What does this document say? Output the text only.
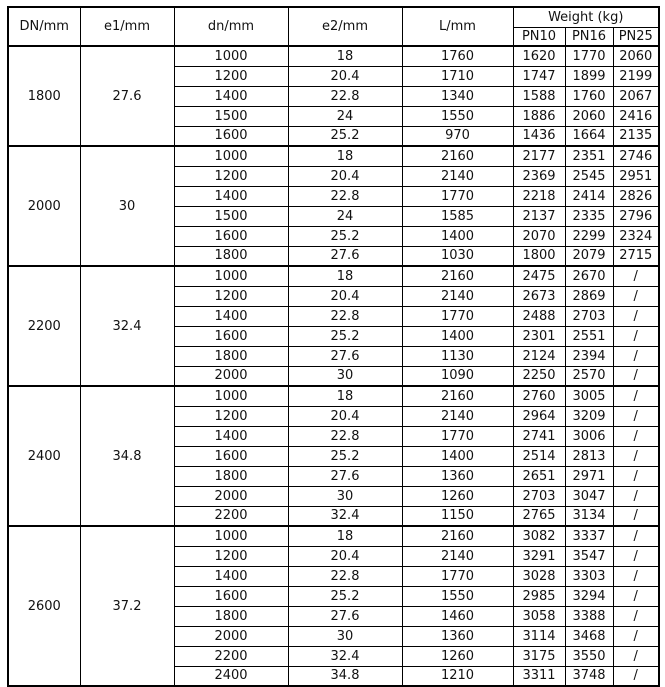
DN/mm	e1/mm	dn/mm	e2/mm	L/mm	Weight (kg)		
					PN10	PN16	PN25
1800	27.6	1000	18	1760	1620	1770	2060
		1200	20.4	1710	1747	1899	2199
		1400	22.8	1340	1588	1760	2067
		1500	24	1550	1886	2060	2416
		1600	25.2	970	1436	1664	2135
2000	30	1000	18	2160	2177	2351	2746
		1200	20.4	2140	2369	2545	2951
		1400	22.8	1770	2218	2414	2826
		1500	24	1585	2137	2335	2796
		1600	25.2	1400	2070	2299	2324
		1800	27.6	1030	1800	2079	2715
2200	32.4	1000	18	2160	2475	2670	/
		1200	20.4	2140	2673	2869	/
		1400	22.8	1770	2488	2703	/
		1600	25.2	1400	2301	2551	/
		1800	27.6	1130	2124	2394	/
		2000	30	1090	2250	2570	/
2400	34.8	1000	18	2160	2760	3005	/
		1200	20.4	2140	2964	3209	/
		1400	22.8	1770	2741	3006	/
		1600	25.2	1400	2514	2813	/
		1800	27.6	1360	2651	2971	/
		2000	30	1260	2703	3047	/
		2200	32.4	1150	2765	3134	/
2600	37.2	1000	18	2160	3082	3337	/
		1200	20.4	2140	3291	3547	/
		1400	22.8	1770	3028	3303	/
		1600	25.2	1550	2985	3294	/
		1800	27.6	1460	3058	3388	/
		2000	30	1360	3114	3468	/
		2200	32.4	1260	3175	3550	/
		2400	34.8	1210	3311	3748	/
